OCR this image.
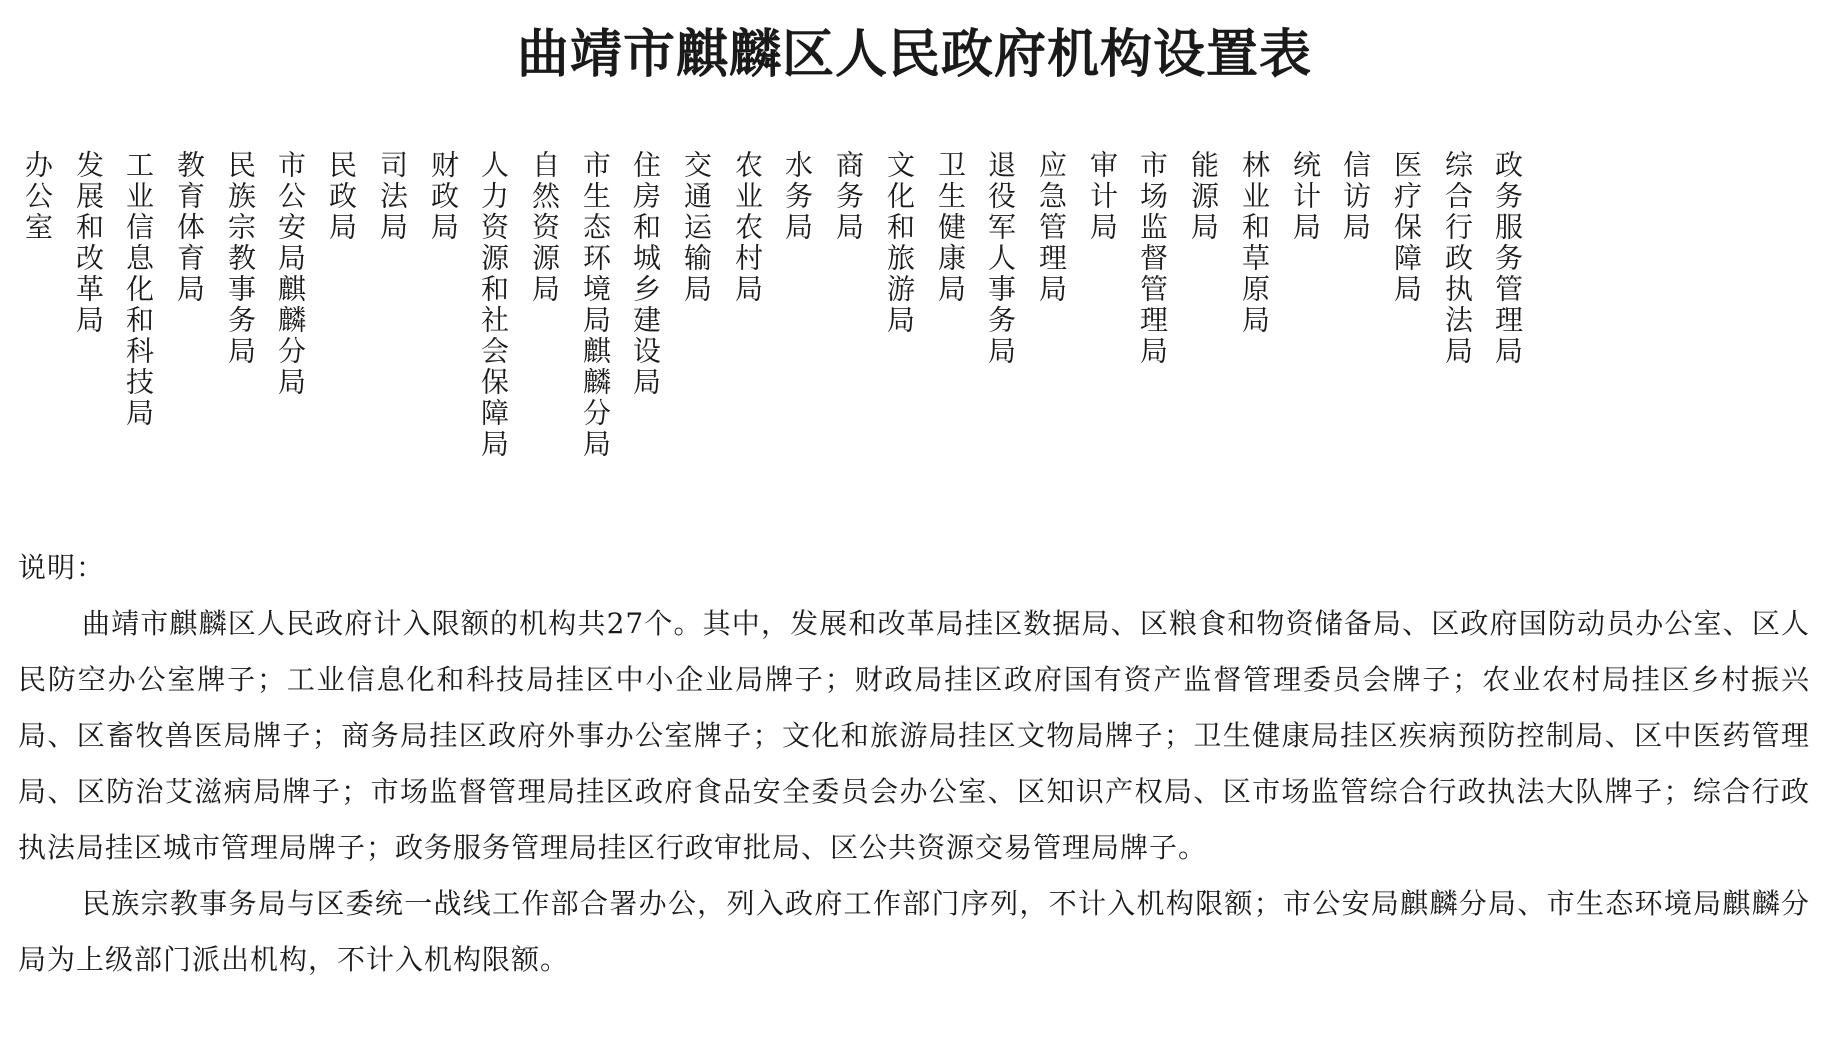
曲靖市麒麟区人民政府机构设置表
办公室 发展和改革局 工业信息化和科技局 教育体育局 民族宗教事务局 市公安局麒麟分局 民政局 司法局 财政局 人力资源和社会保障局 自然资源局 市生态环境局麒麟分局 住房和城乡建设局 交通运输局 农业农村局 水务局 商务局 文化和旅游局 卫生健康局 退役军人事务局 应急管理局 审计局 市场监督管理局 能源局 林业和草原局 统计局 信访局 医疗保障局 综合行政执法局 政务服务管理局

说明：

曲靖市麒麟区人民政府计入限额的机构共27个。其中，发展和改革局挂区数据局、区粮食和物资储备局、区政府国防动员办公室、区人民防空办公室牌子；工业信息化和科技局挂区中小企业局牌子；财政局挂区政府国有资产监督管理委员会牌子；农业农村局挂区乡村振兴局、区畜牧兽医局牌子；商务局挂区政府外事办公室牌子；文化和旅游局挂区文物局牌子；卫生健康局挂区疾病预防控制局、区中医药管理局、区防治艾滋病局牌子；市场监督管理局挂区政府食品安全委员会办公室、区知识产权局、区市场监管综合行政执法大队牌子；综合行政执法局挂区城市管理局牌子；政务服务管理局挂区行政审批局、区公共资源交易管理局牌子。

民族宗教事务局与区委统一战线工作部合署办公，列入政府工作部门序列，不计入机构限额；市公安局麒麟分局、市生态环境局麒麟分局为上级部门派出机构，不计入机构限额。
